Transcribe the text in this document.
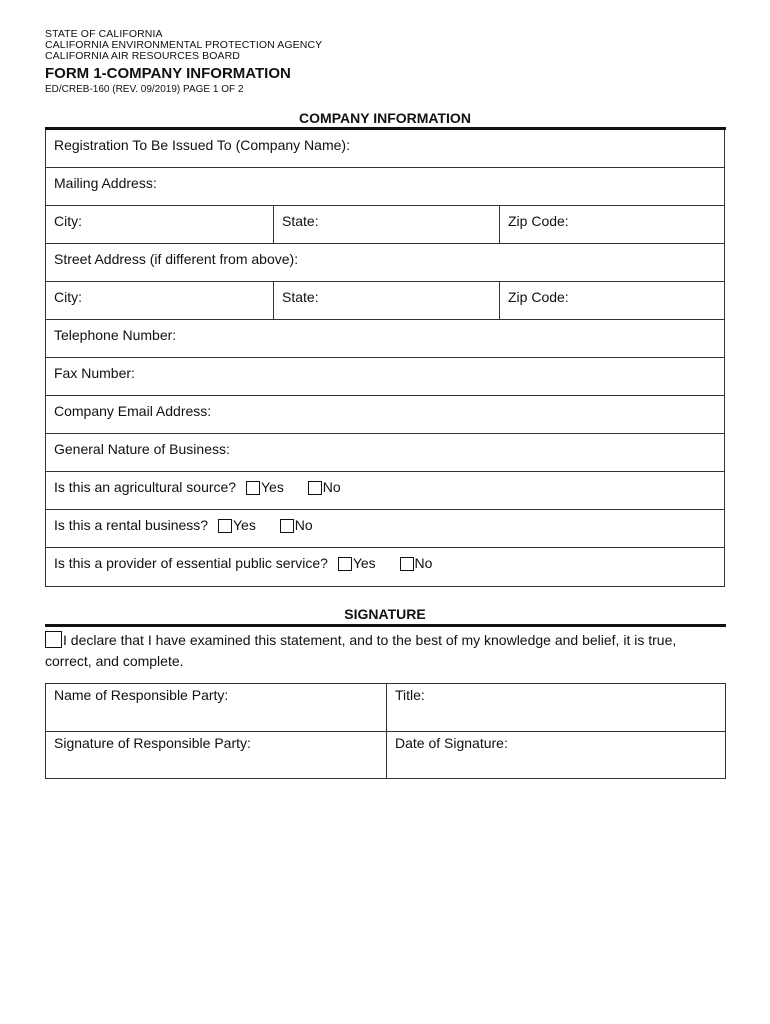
STATE OF CALIFORNIA
CALIFORNIA ENVIRONMENTAL PROTECTION AGENCY
CALIFORNIA AIR RESOURCES BOARD
FORM 1-COMPANY INFORMATION
ED/CREB-160 (REV. 09/2019) PAGE 1 OF 2
COMPANY INFORMATION
Registration To Be Issued To (Company Name):
Mailing Address:
City:	State:	Zip Code:
Street Address (if different from above):
City:	State:	Zip Code:
Telephone Number:
Fax Number:
Company Email Address:
General Nature of Business:
Is this an agricultural source? Yes	No
Is this a rental business? Yes	No
Is this a provider of essential public service? Yes	No
SIGNATURE
I declare that I have examined this statement, and to the best of my knowledge and belief, it is true, correct, and complete.
Name of Responsible Party:	Title:
Signature of Responsible Party:	Date of Signature:
